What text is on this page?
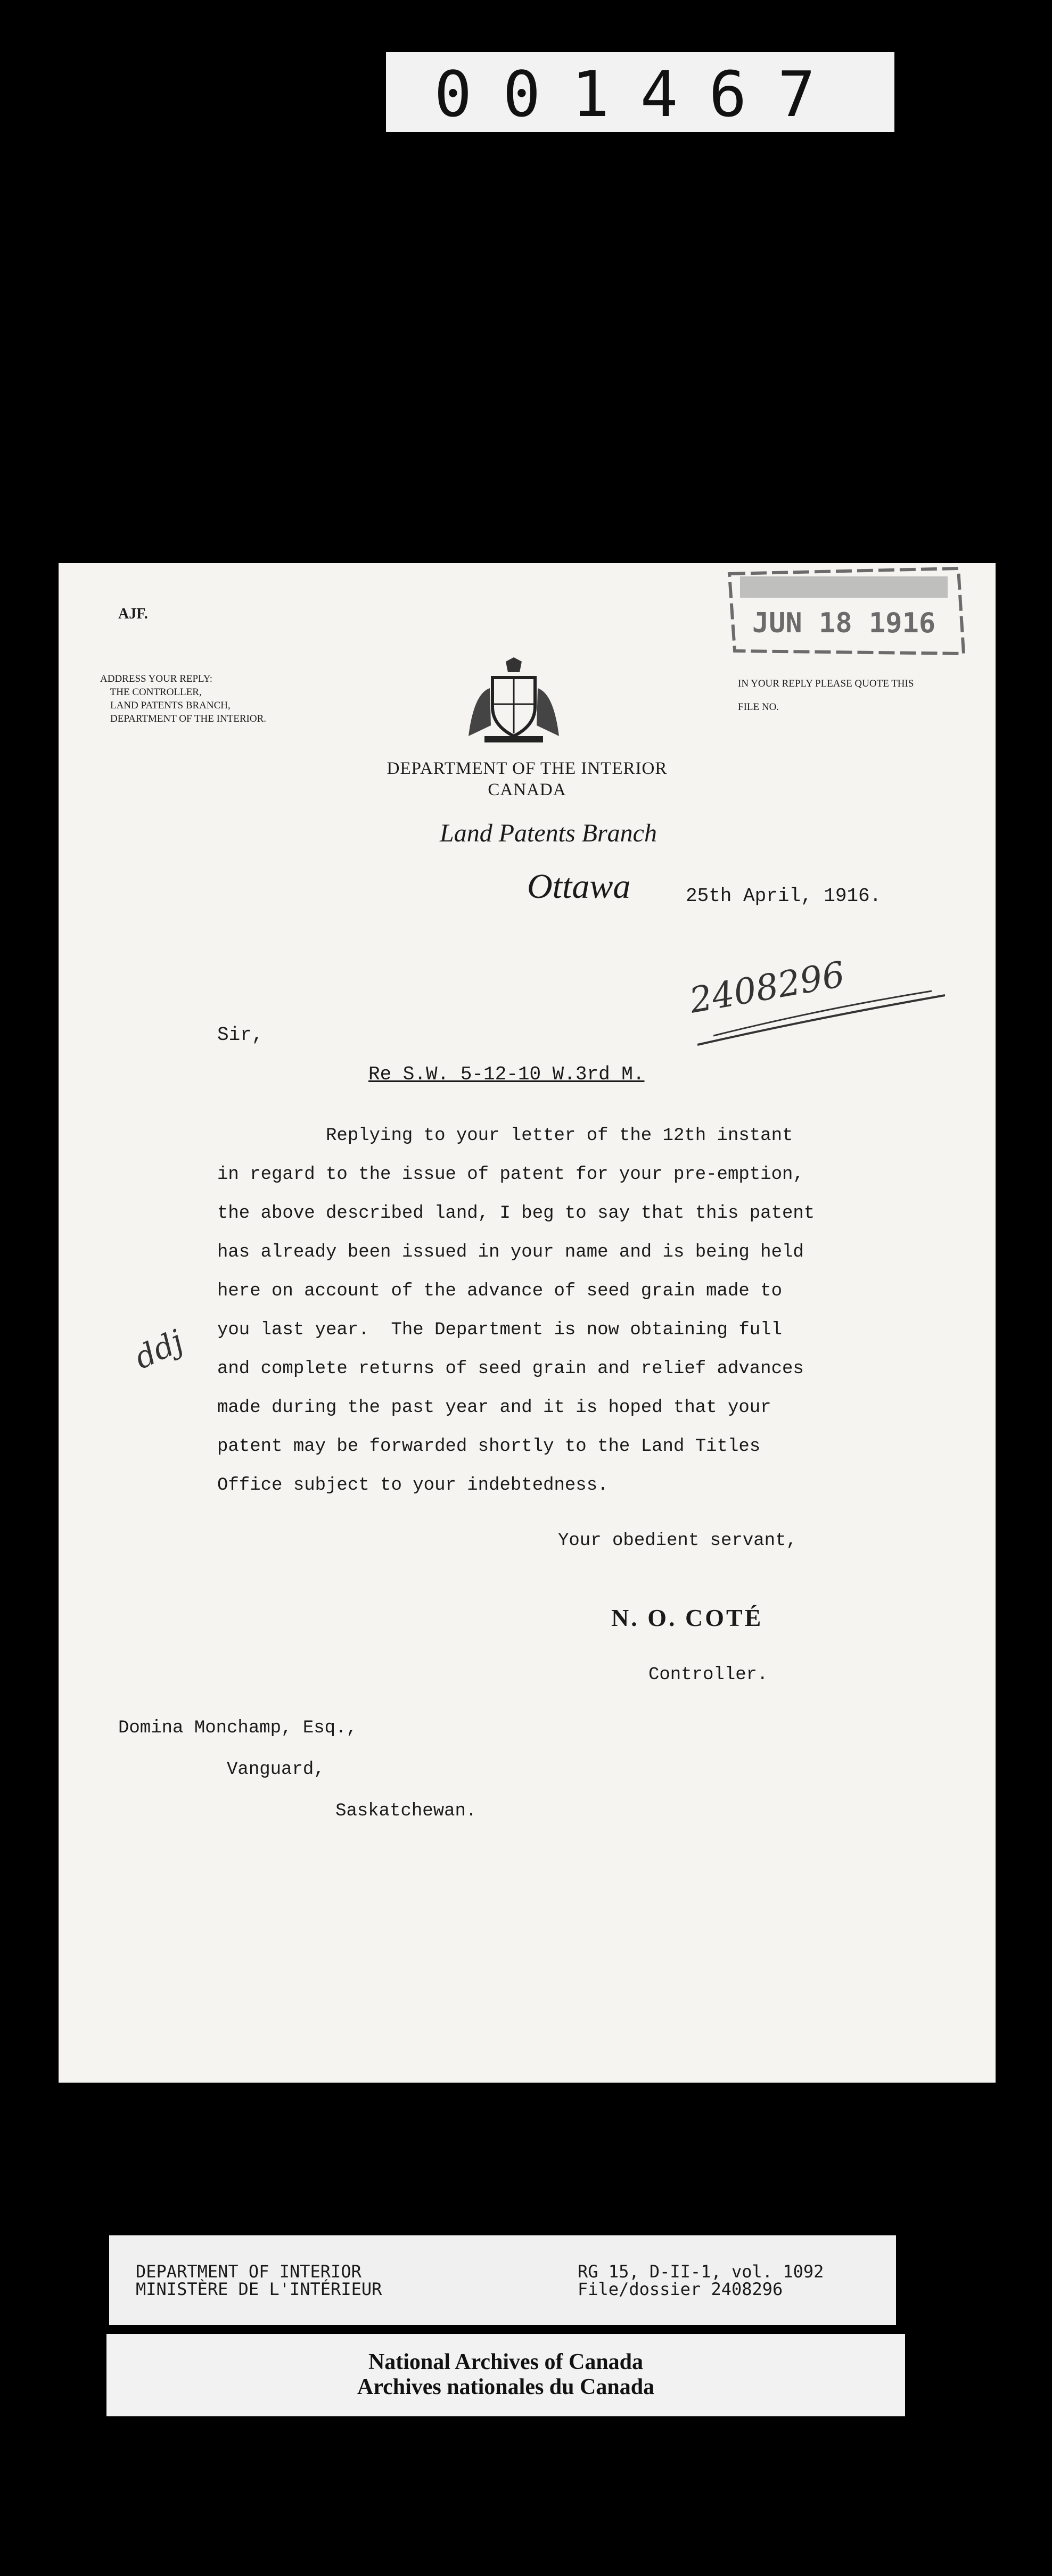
001467
JUN 18 1916
AJF.
ADDRESS YOUR REPLY:
THE CONTROLLER,
LAND PATENTS BRANCH,
DEPARTMENT OF THE INTERIOR.
IN YOUR REPLY PLEASE QUOTE THIS
FILE NO.
DEPARTMENT OF THE INTERIOR
CANADA
Land Patents Branch
Ottawa	25th April, 1916.
2408296
Sir,
Re S.W. 5-12-10 W.3rd M.
Replying to your letter of the 12th instant
in regard to the issue of patent for your pre-emption,
the above described land, I beg to say that this patent
has already been issued in your name and is being held
here on account of the advance of seed grain made to
you last year.  The Department is now obtaining full
and complete returns of seed grain and relief advances
made during the past year and it is hoped that your
patent may be forwarded shortly to the Land Titles
Office subject to your indebtedness.
ddj
Your obedient servant,
N. O. COTÉ
Controller.
Domina Monchamp, Esq.,
Vanguard,
Saskatchewan.
DEPARTMENT OF INTERIOR
MINISTÈRE DE L'INTÉRIEUR
RG 15, D-II-1, vol. 1092
File/dossier 2408296
National Archives of Canada
Archives nationales du Canada
